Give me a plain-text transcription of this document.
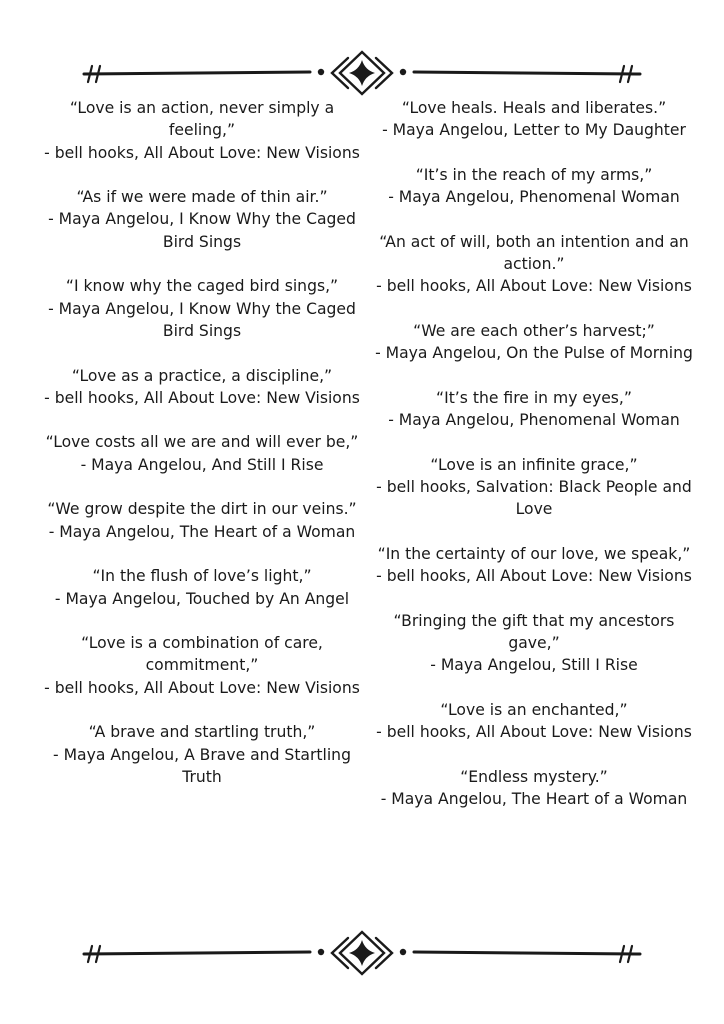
“Love is an action, never simply a feeling,”

- bell hooks, All About Love: New Visions

“As if we were made of thin air.”

- Maya Angelou, I Know Why the Caged Bird Sings

“I know why the caged bird sings,”

- Maya Angelou, I Know Why the Caged Bird Sings

“Love as a practice, a discipline,”

- bell hooks, All About Love: New Visions

“Love costs all we are and will ever be,”

- Maya Angelou, And Still I Rise

“We grow despite the dirt in our veins.”

- Maya Angelou, The Heart of a Woman

“In the flush of love’s light,”

- Maya Angelou, Touched by An Angel

“Love is a combination of care, commitment,”

- bell hooks, All About Love: New Visions

“A brave and startling truth,”

- Maya Angelou, A Brave and Startling Truth

“Love heals. Heals and liberates.”

- Maya Angelou, Letter to My Daughter

“It’s in the reach of my arms,”

- Maya Angelou, Phenomenal Woman

“An act of will, both an intention and an action.”

- bell hooks, All About Love: New Visions

“We are each other’s harvest;”

- Maya Angelou, On the Pulse of Morning

“It’s the fire in my eyes,”

- Maya Angelou, Phenomenal Woman

“Love is an infinite grace,”

- bell hooks, Salvation: Black People and Love

“In the certainty of our love, we speak,”

- bell hooks, All About Love: New Visions

“Bringing the gift that my ancestors gave,”

- Maya Angelou, Still I Rise

“Love is an enchanted,”

- bell hooks, All About Love: New Visions

“Endless mystery.”

- Maya Angelou, The Heart of a Woman
